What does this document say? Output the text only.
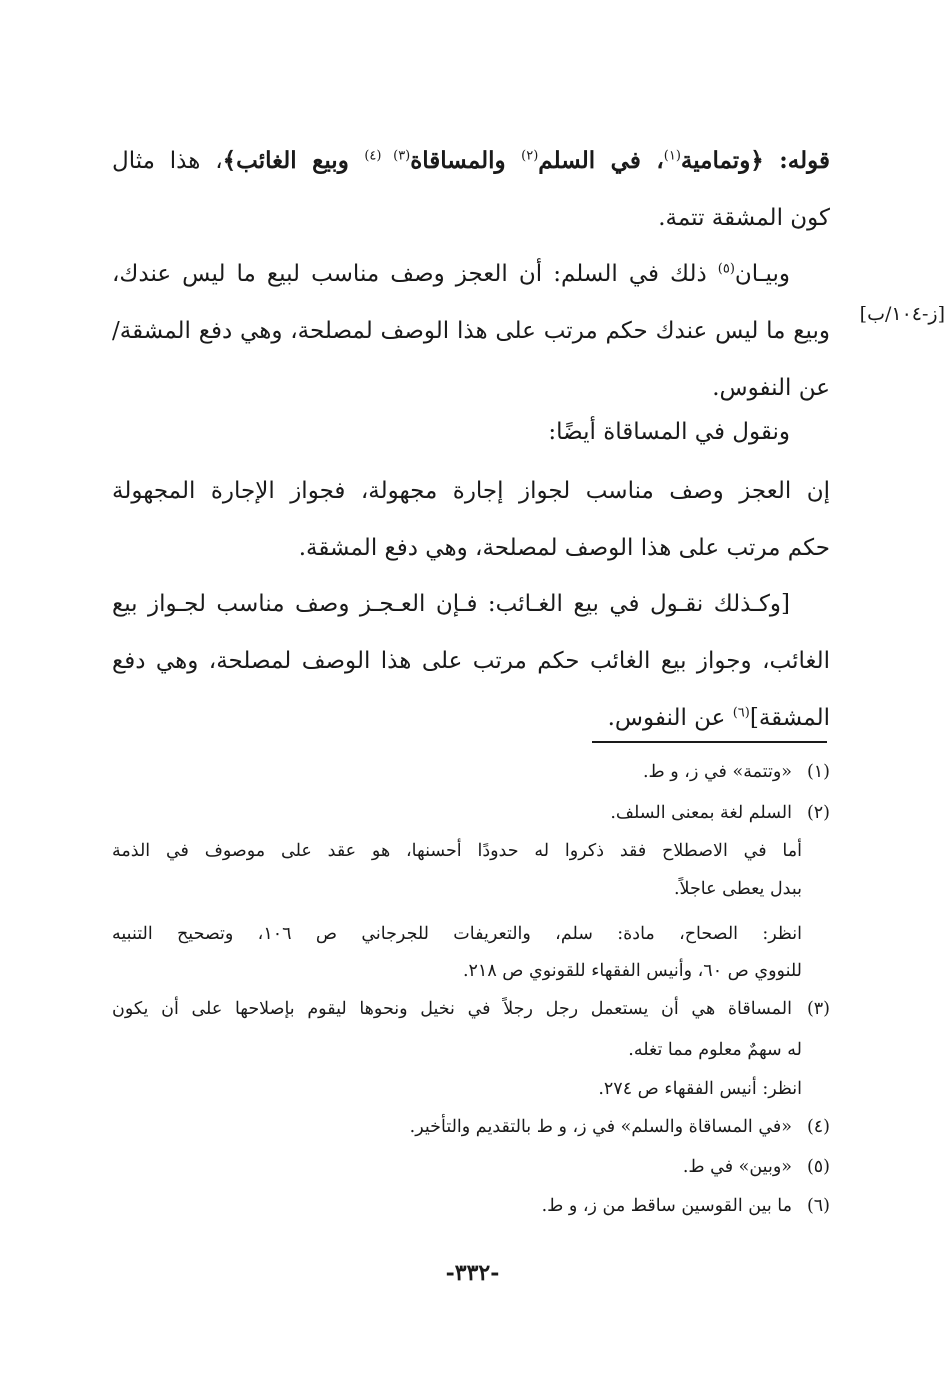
قوله: ﴿وتمامية$^{(١)}$، في السلم$^{(٢)}$ والمساقاة$^{(٣)}$ $^{(٤)}$ وبيع الغائب﴾، هذا مثال
كون المشقة تتمة.
وبيـان$^{(٥)}$ ذلك في السلم: أن العجز وصف مناسب لبيع ما ليس عندك،
وبيع ما ليس عندك حكم مرتب على هذا الوصف لمصلحة، وهي دفع المشقة/
عن النفوس.
ونقول في المساقاة أيضًا:
إن العجز وصف مناسب لجواز إجارة مجهولة، فجواز الإجارة المجهولة
حكم مرتب على هذا الوصف لمصلحة، وهي دفع المشقة.
[وكـذلك نقـول في بيع الغـائب: فـإن العـجـز وصف مناسب لجـواز بيع
الغائب، وجواز بيع الغائب حكم مرتب على هذا الوصف لمصلحة، وهي دفع
المشقة]$^{(٦)}$ عن النفوس.
[ز-١٠٤/ب]
(١)«وتتمة» في ز، و ط.
(٢)السلم لغة بمعنى السلف.
أما في الاصطلاح فقد ذكروا له حدودًا أحسنها، هو عقد على موصوف في الذمة
ببدل يعطى عاجلاً.
انظر: الصحاح، مادة: سلم، والتعريفات للجرجاني ص ١٠٦، وتصحيح التنبيه
للنووي ص ٦٠، وأنيس الفقهاء للقونوي ص ٢١٨.
(٣)المساقاة هي أن يستعمل رجل رجلاً في نخيل ونحوها ليقوم بإصلاحها على أن يكون
له سهمٌ معلوم مما تغله.
انظر: أنيس الفقهاء ص ٢٧٤.
(٤)«في المساقاة والسلم» في ز، و ط بالتقديم والتأخير.
(٥)«وبين» في ط.
(٦)ما بين القوسين ساقط من ز، و ط.
-٣٣٢-
